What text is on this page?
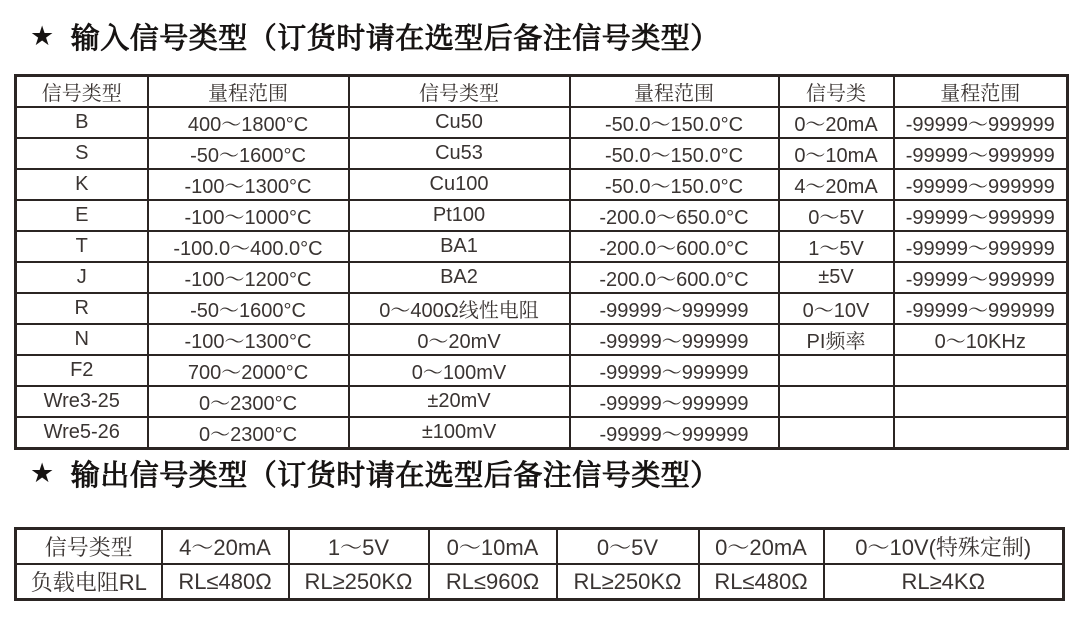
★ 输入信号类型（订货时请在选型后备注信号类型）
信号类型	量程范围	信号类型	量程范围	信号类	量程范围
B	400～1800°C	Cu50	-50.0～150.0°C	0～20mA	-99999～999999
S	-50～1600°C	Cu53	-50.0～150.0°C	0～10mA	-99999～999999
K	-100～1300°C	Cu100	-50.0～150.0°C	4～20mA	-99999～999999
E	-100～1000°C	Pt100	-200.0～650.0°C	0～5V	-99999～999999
T	-100.0～400.0°C	BA1	-200.0～600.0°C	1～5V	-99999～999999
J	-100～1200°C	BA2	-200.0～600.0°C	±5V	-99999～999999
R	-50～1600°C	0～400Ω线性电阻	-99999～999999	0～10V	-99999～999999
N	-100～1300°C	0～20mV	-99999～999999	PI频率	0～10KHz
F2	700～2000°C	0～100mV	-99999～999999		
Wre3-25	0～2300°C	±20mV	-99999～999999		
Wre5-26	0～2300°C	±100mV	-99999～999999		
★ 输出信号类型（订货时请在选型后备注信号类型）
信号类型	4～20mA	1～5V	0～10mA	0～5V	0～20mA	0～10V(特殊定制)
负载电阻RL	RL≤480Ω	RL≥250KΩ	RL≤960Ω	RL≥250KΩ	RL≤480Ω	RL≥4KΩ
